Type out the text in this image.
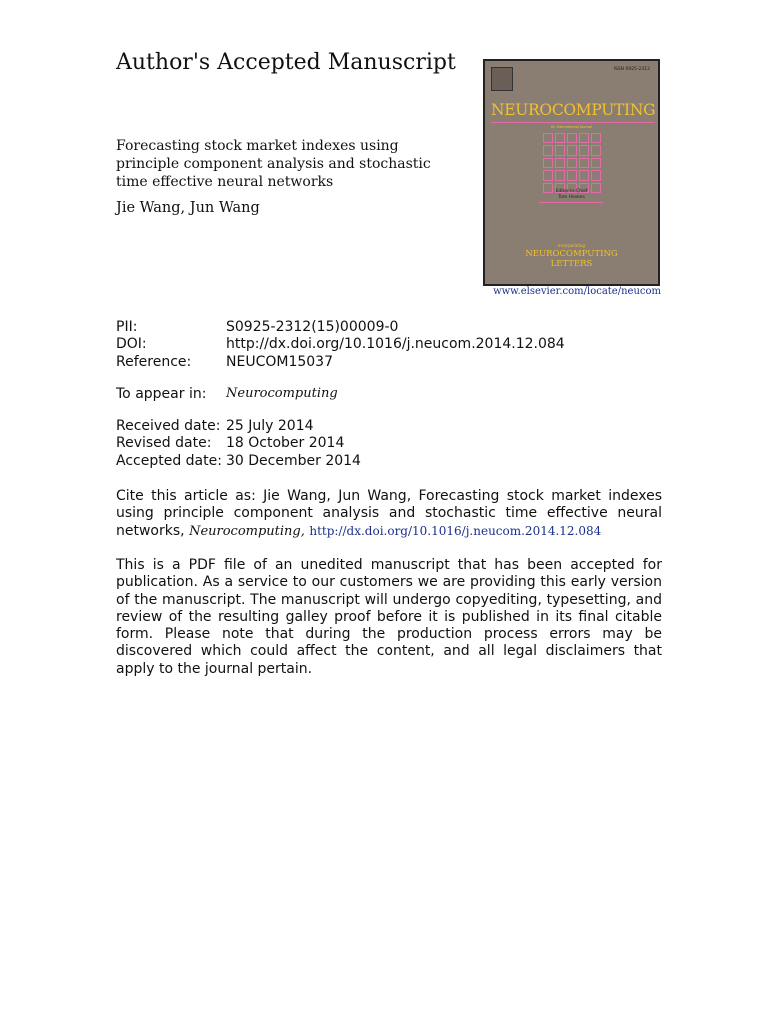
Author's Accepted Manuscript
Forecasting stock market indexes using principle component analysis and stochastic time effective neural networks
Jie Wang, Jun Wang
ISSN 0925-2312
NEUROCOMPUTING
An International Journal
Editor-in-Chief
Tom Heskes
Incorporating
NEUROCOMPUTING
LETTERS
www.elsevier.com/locate/neucom
PII:	S0925-2312(15)00009-0
DOI:	http://dx.doi.org/10.1016/j.neucom.2014.12.084
Reference:	NEUCOM15037
To appear in:	Neurocomputing
Received date: 25 July 2014
Revised date:	18 October 2014
Accepted date: 30 December 2014
Cite this article as: Jie Wang, Jun Wang, Forecasting stock market indexes using principle component analysis and stochastic time effective neural networks, Neurocomputing, http://dx.doi.org/10.1016/j.neucom.2014.12.084
This is a PDF file of an unedited manuscript that has been accepted for publication. As a service to our customers we are providing this early version of the manuscript. The manuscript will undergo copyediting, typesetting, and review of the resulting galley proof before it is published in its final citable form. Please note that during the production process errors may be discovered which could affect the content, and all legal disclaimers that apply to the journal pertain.
